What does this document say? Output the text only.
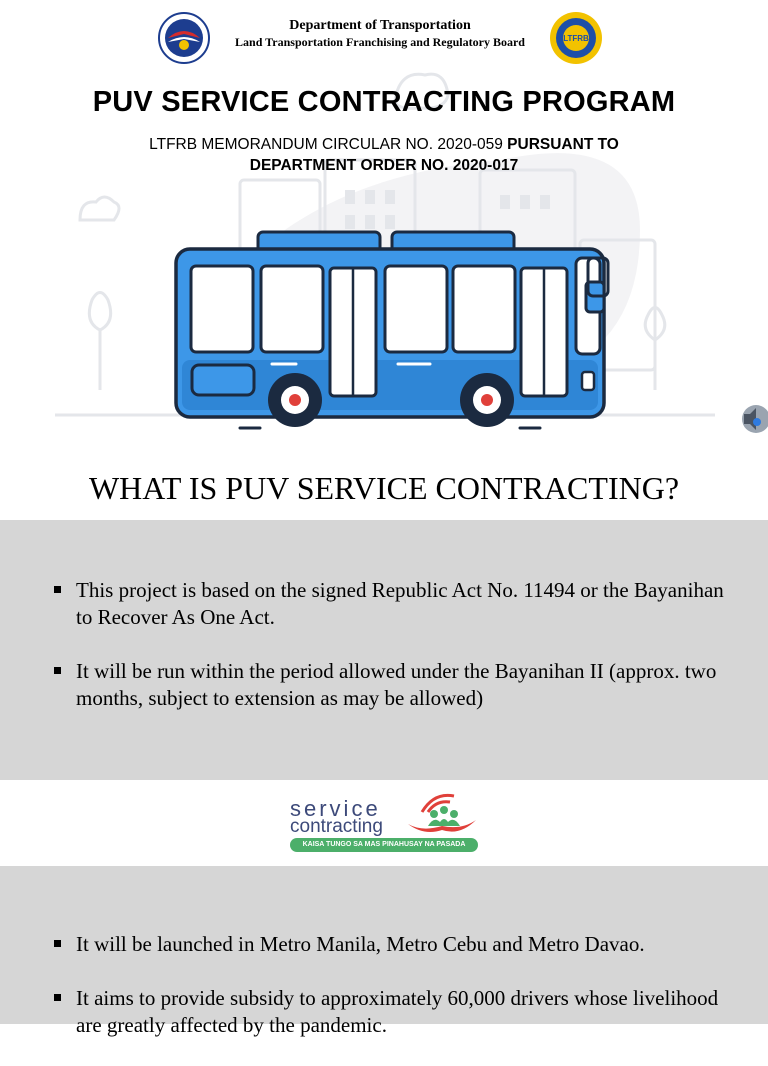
Department of Transportation
Land Transportation Franchising and Regulatory Board	LTFRB
PUV SERVICE CONTRACTING PROGRAM
LTFRB MEMORANDUM CIRCULAR NO. 2020-059 PURSUANT TO DEPARTMENT ORDER NO. 2020-017
WHAT IS PUV SERVICE CONTRACTING?
This project is based on the signed Republic Act No. 11494 or the Bayanihan to Recover As One Act.
It will be run within the period allowed under the Bayanihan II (approx. two months, subject to extension as may be allowed)
service
contracting
KAISA TUNGO SA MAS PINAHUSAY NA PASADA
It will be launched in Metro Manila, Metro Cebu and Metro Davao.
It aims to provide subsidy to approximately 60,000 drivers whose livelihood are greatly affected by the pandemic.
